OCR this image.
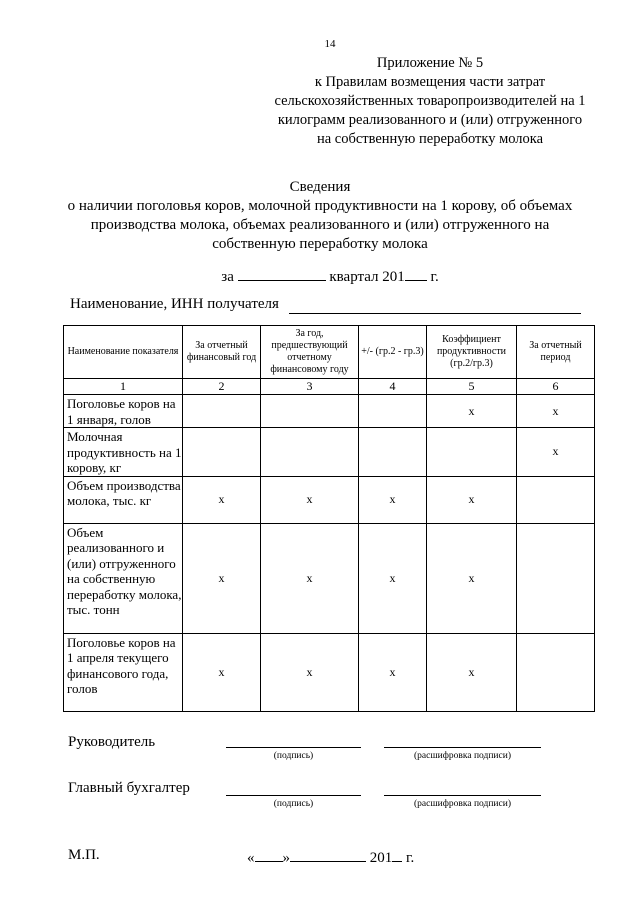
14
Приложение № 5
к Правилам возмещения части затрат
сельскохозяйственных товаропроизводителей на 1
килограмм реализованного и (или) отгруженного
на собственную переработку молока
Сведения
о наличии поголовья коров, молочной продуктивности на 1 корову, об объемах
производства молока, объемах реализованного и (или) отгруженного на
собственную переработку молока
за	квартал 201 г.
Наименование, ИНН получателя
Наименование показателя	За отчетный финансовый год	За год, предшествующий отчетному финансовому году	+/- (гр.2 - гр.3)	Коэффициент продуктивности (гр.2/гр.3)	За отчетный период
1	2	3	4	5	6
Поголовье коров на 1 января, голов				x	x
Молочная продуктивность на 1 корову, кг					x
Объем производства молока, тыс. кг	x	x	x	x	
Объем реализованного и (или) отгруженного на собственную переработку молока, тыс. тонн	x	x	x	x	
Поголовье коров на 1 апреля текущего финансового года, голов	x	x	x	x	
Руководитель
(подпись)	(расшифровка подписи)
Главный бухгалтер
(подпись)	(расшифровка подписи)
М.П.	« »	201 г.
